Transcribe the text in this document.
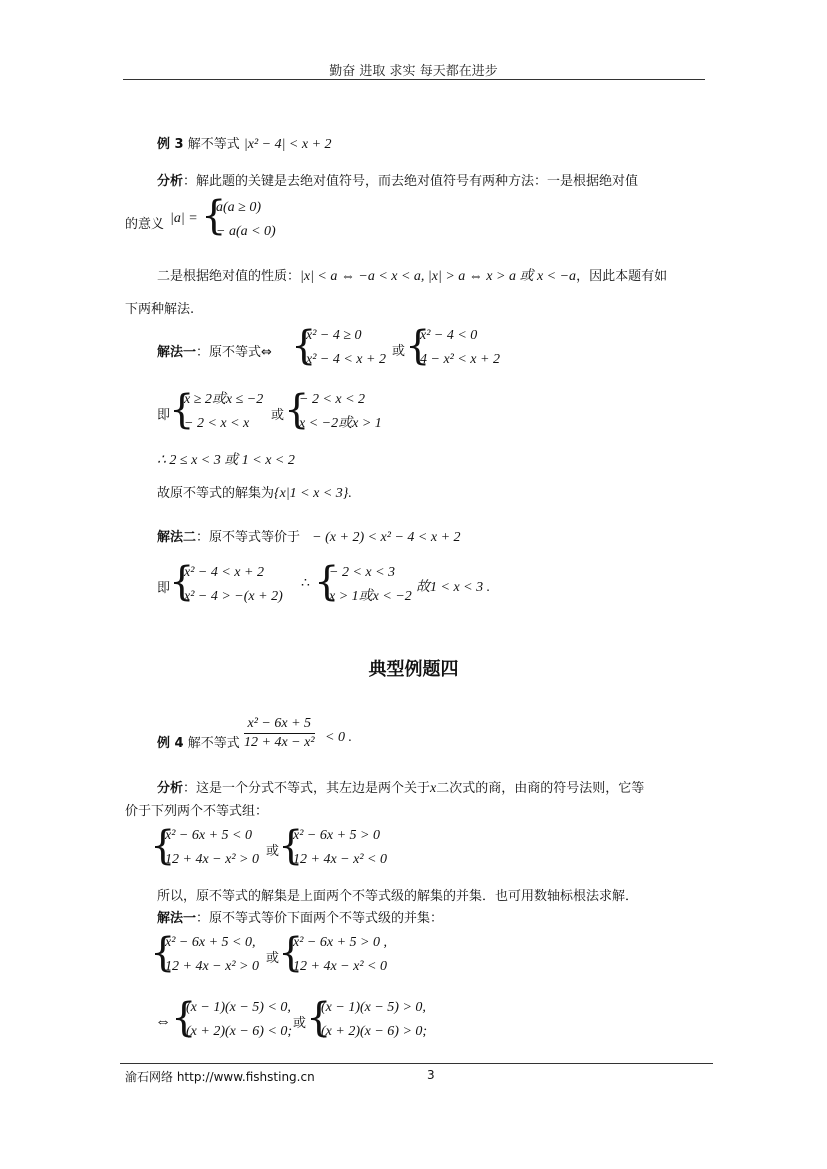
勤奋 进取 求实 每天都在进步
例 3 解不等式 |x² − 4| < x + 2
分析：解此题的关键是去绝对值符号，而去绝对值符号有两种方法：一是根据绝对值
的意义 |a| = {
a(a ≥ 0)
− a(a < 0)
二是根据绝对值的性质：|x| < a ⇔ −a < x < a, |x| > a ⇔ x > a 或 x < −a，因此本题有如
下两种解法.
解法一：原不等式⇔ {
x² − 4 ≥ 0
x² − 4 < x + 2
或 {
x² − 4 < 0
4 − x² < x + 2
即
{
x ≥ 2或x ≤ −2
− 2 < x < x
或 {
− 2 < x < 2
x < −2或x > 1
∴ 2 ≤ x < 3 或 1 < x < 2
故原不等式的解集为{x|1 < x < 3}.
解法二：原不等式等价于 − (x + 2) < x² − 4 < x + 2
即
{
x² − 4 < x + 2
x² − 4 > −(x + 2)
∴ {
− 2 < x < 3
x > 1或x < −2
故1 < x < 3 .
典型例题四
例 4 解不等式 $\frac{\text{x² − 6x + 5}}{\text{12 + 4x − x²}} < 0$ .
分析：这是一个分式不等式，其左边是两个关于x二次式的商，由商的符号法则，它等
价于下列两个不等式组：
{
x² − 6x + 5 < 0
12 + 4x − x² > 0
或
{
x² − 6x + 5 > 0
12 + 4x − x² < 0
所以，原不等式的解集是上面两个不等式级的解集的并集．也可用数轴标根法求解．
解法一：原不等式等价下面两个不等式级的并集：
{
x² − 6x + 5 < 0,
12 + 4x − x² > 0
或
{
x² − 6x + 5 > 0 ,
12 + 4x − x² < 0
⇔ {
(x − 1)(x − 5) < 0,
(x + 2)(x − 6) < 0;
或 {
(x − 1)(x − 5) > 0,
(x + 2)(x − 6) > 0;
渝石网络 http://www.fishsting.cn	3
